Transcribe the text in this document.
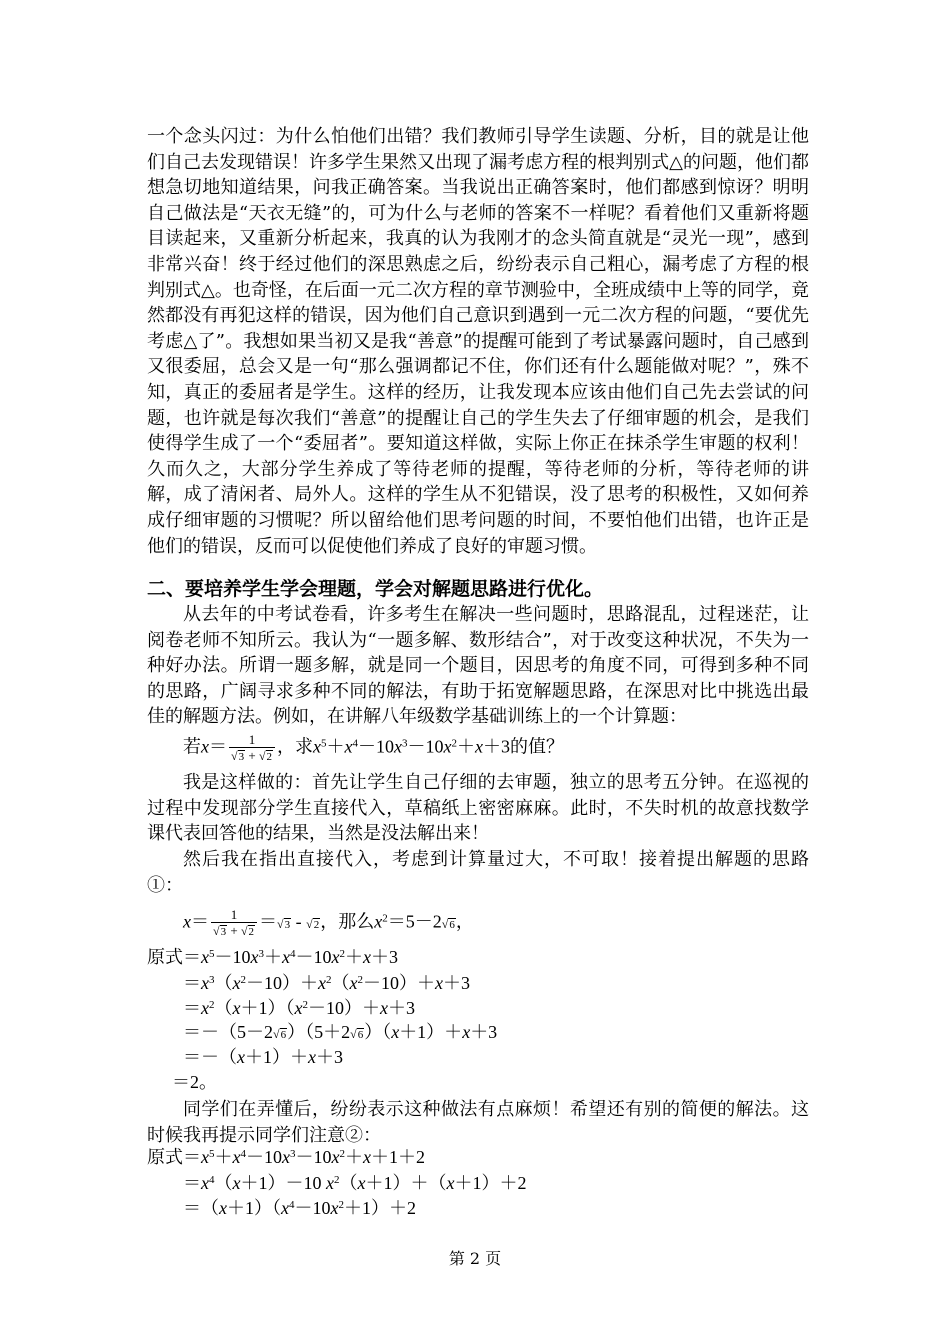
一个念头闪过：为什么怕他们出错？我们教师引导学生读题、分析，目的就是让他们自己去发现错误！许多学生果然又出现了漏考虑方程的根判别式△的问题，他们都想急切地知道结果，问我正确答案。当我说出正确答案时，他们都感到惊讶？明明自己做法是“天衣无缝”的，可为什么与老师的答案不一样呢？看着他们又重新将题目读起来，又重新分析起来，我真的认为我刚才的念头简直就是“灵光一现”，感到非常兴奋！终于经过他们的深思熟虑之后，纷纷表示自己粗心，漏考虑了方程的根判别式△。也奇怪，在后面一元二次方程的章节测验中，全班成绩中上等的同学，竟然都没有再犯这样的错误，因为他们自己意识到遇到一元二次方程的问题，“要优先考虑△了”。我想如果当初又是我“善意”的提醒可能到了考试暴露问题时，自己感到又很委屈，总会又是一句“那么强调都记不住，你们还有什么题能做对呢？”，殊不知，真正的委屈者是学生。这样的经历，让我发现本应该由他们自己先去尝试的问题，也许就是每次我们“善意”的提醒让自己的学生失去了仔细审题的机会，是我们使得学生成了一个“委屈者”。要知道这样做，实际上你正在抹杀学生审题的权利！久而久之，大部分学生养成了等待老师的提醒，等待老师的分析，等待老师的讲解，成了清闲者、局外人。这样的学生从不犯错误，没了思考的积极性，又如何养成仔细审题的习惯呢？所以留给他们思考问题的时间，不要怕他们出错，也许正是他们的错误，反而可以促使他们养成了良好的审题习惯。

二、要培养学生学会理题，学会对解题思路进行优化。

从去年的中考试卷看，许多考生在解决一些问题时，思路混乱，过程迷茫，让阅卷老师不知所云。我认为“一题多解、数形结合”，对于改变这种状况，不失为一种好办法。所谓一题多解，就是同一个题目，因思考的角度不同，可得到多种不同的思路，广阔寻求多种不同的解法，有助于拓宽解题思路，在深思对比中挑选出最佳的解题方法。例如，在讲解八年级数学基础训练上的一个计算题：

若$x= \frac{1}{√3 + √2}$ ，求$x^5+x^4-10x^3-10x^2+x+3$的值？

我是这样做的：首先让学生自己仔细的去审题，独立的思考五分钟。在巡视的过程中发现部分学生直接代入，草稿纸上密密麻麻。此时，不失时机的故意找数学课代表回答他的结果，当然是没法解出来！

然后我在指出直接代入，考虑到计算量过大，不可取！接着提出解题的思路①：

$x= \frac{1}{√3 + √2} =√3 - √2$，那么$x^2=5-2√6$，
原式$=x^5-10x^3+x^4-10x^2+x+3$
$=x^3(x^2-10)+x^2(x^2-10)+x+3$
$=x^2(x+1)(x^2-10)+x+3$
＝－（5－2√6）（5＋2√6）（x＋1）＋x＋3
＝－（x＋1）＋x＋3
＝2。

同学们在弄懂后，纷纷表示这种做法有点麻烦！希望还有别的简便的解法。这时候我再提示同学们注意②：

原式$=x^5+x^4-10x^3-10x^2+x+1+2$
$=x^4(x+1)-10$ $x^2(x+1)+(x+1)+2$
$=(x+1)(x^4-10x^2+1)+2$
第 2 页
